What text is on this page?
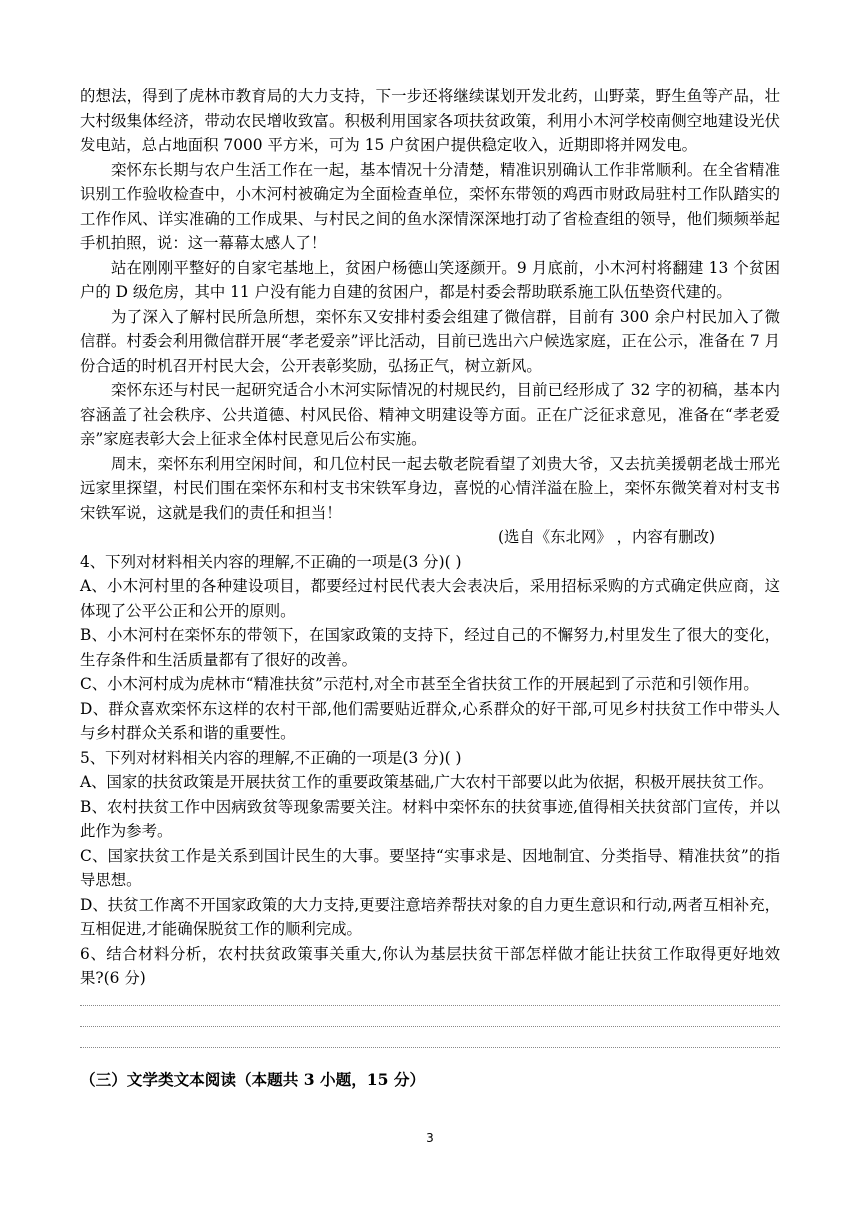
的想法，得到了虎林市教育局的大力支持，下一步还将继续谋划开发北药，山野菜，野生鱼等产品，壮大村级集体经济，带动农民增收致富。积极利用国家各项扶贫政策，利用小木河学校南侧空地建设光伏发电站，总占地面积 7000 平方米，可为 15 户贫困户提供稳定收入，近期即将并网发电。

栾怀东长期与农户生活工作在一起，基本情况十分清楚，精准识别确认工作非常顺利。在全省精准识别工作验收检查中，小木河村被确定为全面检查单位，栾怀东带领的鸡西市财政局驻村工作队踏实的工作作风、详实准确的工作成果、与村民之间的鱼水深情深深地打动了省检查组的领导，他们频频举起手机拍照，说：这一幕幕太感人了！

站在刚刚平整好的自家宅基地上，贫困户杨德山笑逐颜开。9 月底前，小木河村将翻建 13 个贫困户的 D 级危房，其中 11 户没有能力自建的贫困户，都是村委会帮助联系施工队伍垫资代建的。

为了深入了解村民所急所想，栾怀东又安排村委会组建了微信群，目前有 300 余户村民加入了微信群。村委会利用微信群开展“孝老爱亲”评比活动，目前已选出六户候选家庭，正在公示，准备在 7 月份合适的时机召开村民大会，公开表彰奖励，弘扬正气，树立新风。

栾怀东还与村民一起研究适合小木河实际情况的村规民约，目前已经形成了 32 字的初稿，基本内容涵盖了社会秩序、公共道德、村风民俗、精神文明建设等方面。正在广泛征求意见，准备在“孝老爱亲”家庭表彰大会上征求全体村民意见后公布实施。

周末，栾怀东利用空闲时间，和几位村民一起去敬老院看望了刘贵大爷，又去抗美援朝老战士邢光远家里探望，村民们围在栾怀东和村支书宋铁军身边，喜悦的心情洋溢在脸上，栾怀东微笑着对村支书宋铁军说，这就是我们的责任和担当！

(选自《东北网》 ，内容有删改)

4、下列对材料相关内容的理解,不正确的一项是(3 分)( )

A、小木河村里的各种建设项目，都要经过村民代表大会表决后，采用招标采购的方式确定供应商，这体现了公平公正和公开的原则。

B、小木河村在栾怀东的带领下，在国家政策的支持下，经过自己的不懈努力,村里发生了很大的变化，生存条件和生活质量都有了很好的改善。

C、小木河村成为虎林市“精准扶贫”示范村,对全市甚至全省扶贫工作的开展起到了示范和引领作用。

D、群众喜欢栾怀东这样的农村干部,他们需要贴近群众,心系群众的好干部,可见乡村扶贫工作中带头人与乡村群众关系和谐的重要性。

5、下列对材料相关内容的理解,不正确的一项是(3 分)( )

A、国家的扶贫政策是开展扶贫工作的重要政策基础,广大农村干部要以此为依据，积极开展扶贫工作。

B、农村扶贫工作中因病致贫等现象需要关注。材料中栾怀东的扶贫事迹,值得相关扶贫部门宣传，并以此作为参考。

C、国家扶贫工作是关系到国计民生的大事。要坚持“实事求是、因地制宜、分类指导、精准扶贫”的指导思想。

D、扶贫工作离不开国家政策的大力支持,更要注意培养帮扶对象的自力更生意识和行动,两者互相补充，互相促进,才能确保脱贫工作的顺利完成。

6、结合材料分析，农村扶贫政策事关重大,你认为基层扶贫干部怎样做才能让扶贫工作取得更好地效果?(6 分)

（三）文学类文本阅读（本题共 3 小题，15 分）
3
